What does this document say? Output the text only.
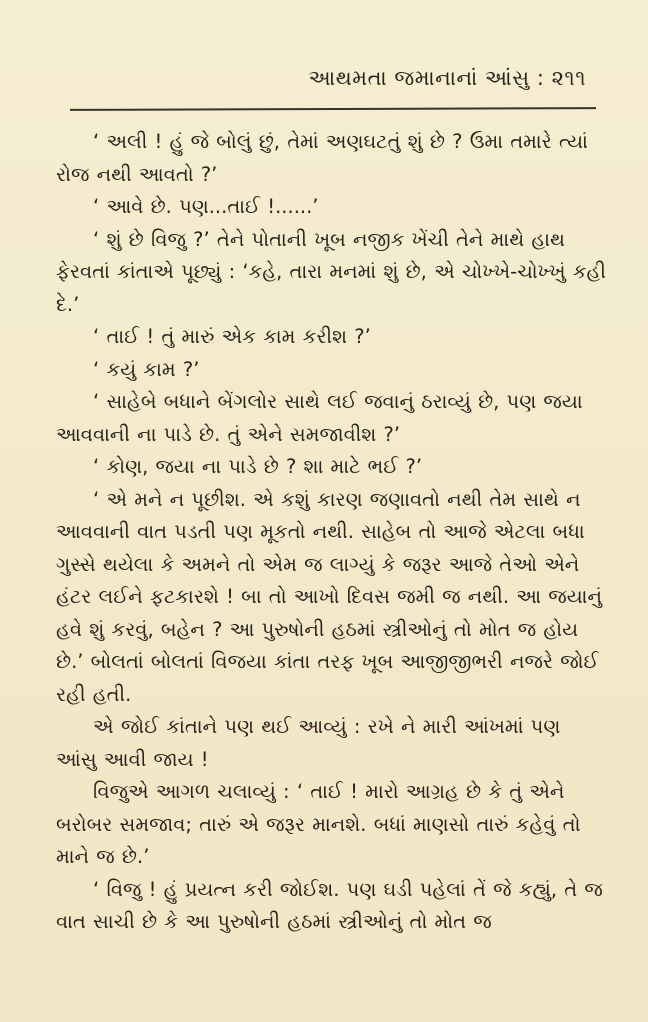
આથમતા જમાનાનાં આંસુ : ૨૧૧

‘ અલી ! હું જે બોલું છું, તેમાં અણઘટતું શું છે ? ઉમા તમારે ત્યાં રોજ નથી આવતો ?’

‘ આવે છે. પણ...તાઈ !......’

‘ શું છે વિજુ ?’ તેને પોતાની ખૂબ નજીક ખેંચી તેને માથે હાથ ફેરવતાં કાંતાએ પૂછ્યું : ‘કહે, તારા મનમાં શું છે, એ ચોખ્ખે-ચોખ્ખું કહી દે.’

‘ તાઈ ! તું મારું એક કામ કરીશ ?’

‘ કયું કામ ?’

‘ સાહેબે બધાને બેંગલોર સાથે લઈ જવાનું ઠરાવ્યું છે, પણ જયા આવવાની ના પાડે છે. તું એને સમજાવીશ ?’

‘ કોણ, જયા ના પાડે છે ? શા માટે ભઈ ?’

‘ એ મને ન પૂછીશ. એ કશું કારણ જણાવતો નથી તેમ સાથે ન આવવાની વાત પડતી પણ મૂકતો નથી. સાહેબ તો આજે એટલા બધા ગુસ્સે થયેલા કે અમને તો એમ જ લાગ્યું કે જરૂર આજે તેઓ એને હંટર લઈને ફટકારશે ! બા તો આખો દિવસ જમી જ નથી. આ જયાનું હવે શું કરવું, બહેન ? આ પુરુષોની હઠમાં સ્ત્રીઓનું તો મોત જ હોય છે.’ બોલતાં બોલતાં વિજયા કાંતા તરફ ખૂબ આજીજીભરી નજરે જોઈ રહી હતી.

એ જોઈ કાંતાને પણ થઈ આવ્યું : રખે ને મારી આંખમાં પણ આંસુ આવી જાય !

વિજુએ આગળ ચલાવ્યું : ‘ તાઈ ! મારો આગ્રહ છે કે તું એને બરોબર સમજાવ; તારું એ જરૂર માનશે. બધાં માણસો તારું કહેવું તો માને જ છે.’

‘ વિજુ ! હું પ્રયત્ન કરી જોઈશ. પણ ઘડી પહેલાં તેં જે કહ્યું, તે જ વાત સાચી છે કે આ પુરુષોની હઠમાં સ્ત્રીઓનું તો મોત જ
